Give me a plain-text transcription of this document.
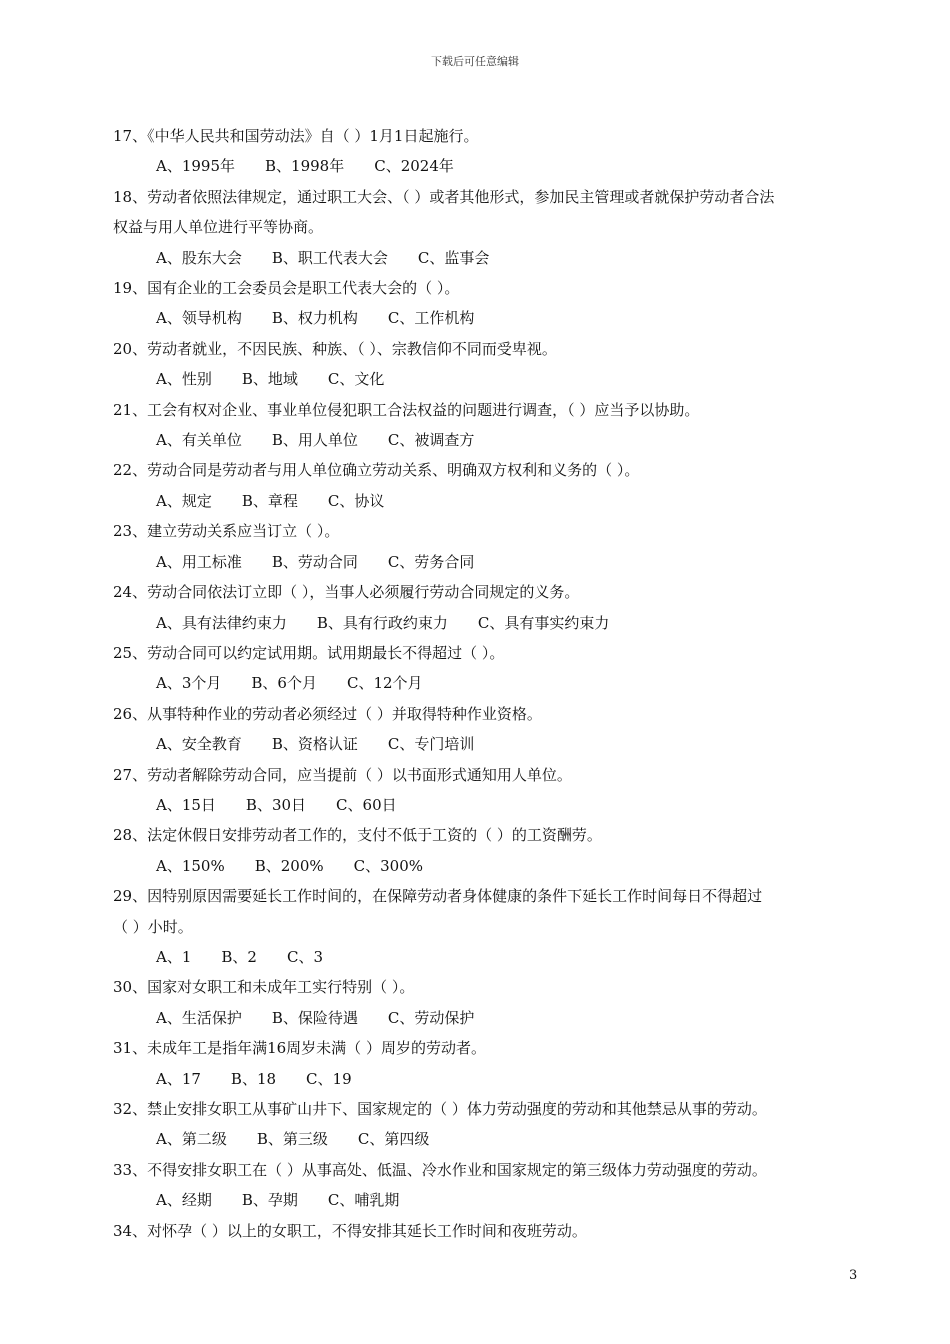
下载后可任意编辑
17、《中华人民共和国劳动法》自（ ）1月1日起施行。
A、1995年 B、1998年 C、2024年
18、劳动者依照法律规定，通过职工大会、（ ）或者其他形式，参加民主管理或者就保护劳动者合法
权益与用人单位进行平等协商。
A、股东大会 B、职工代表大会 C、监事会
19、国有企业的工会委员会是职工代表大会的（ ）。
A、领导机构 B、权力机构 C、工作机构
20、劳动者就业，不因民族、种族、（ ）、宗教信仰不同而受卑视。
A、性别 B、地域 C、文化
21、工会有权对企业、事业单位侵犯职工合法权益的问题进行调查，（ ）应当予以协助。
A、有关单位 B、用人单位 C、被调查方
22、劳动合同是劳动者与用人单位确立劳动关系、明确双方权利和义务的（ ）。
A、规定 B、章程 C、协议
23、建立劳动关系应当订立（ ）。
A、用工标准 B、劳动合同 C、劳务合同
24、劳动合同依法订立即（ ），当事人必须履行劳动合同规定的义务。
A、具有法律约束力 B、具有行政约束力 C、具有事实约束力
25、劳动合同可以约定试用期。试用期最长不得超过（ ）。
A、3个月 B、6个月 C、12个月
26、从事特种作业的劳动者必须经过（ ）并取得特种作业资格。
A、安全教育 B、资格认证 C、专门培训
27、劳动者解除劳动合同，应当提前（ ）以书面形式通知用人单位。
A、15日 B、30日 C、60日
28、法定休假日安排劳动者工作的，支付不低于工资的（ ）的工资酬劳。
A、150% B、200% C、300%
29、因特别原因需要延长工作时间的，在保障劳动者身体健康的条件下延长工作时间每日不得超过
（ ）小时。
A、1 B、2 C、3
30、国家对女职工和未成年工实行特别（ ）。
A、生活保护 B、保险待遇 C、劳动保护
31、未成年工是指年满16周岁未满（ ）周岁的劳动者。
A、17 B、18 C、19
32、禁止安排女职工从事矿山井下、国家规定的（ ）体力劳动强度的劳动和其他禁忌从事的劳动。
A、第二级 B、第三级 C、第四级
33、不得安排女职工在（ ）从事高处、低温、冷水作业和国家规定的第三级体力劳动强度的劳动。
A、经期 B、孕期 C、哺乳期
34、对怀孕（ ）以上的女职工，不得安排其延长工作时间和夜班劳动。
3
